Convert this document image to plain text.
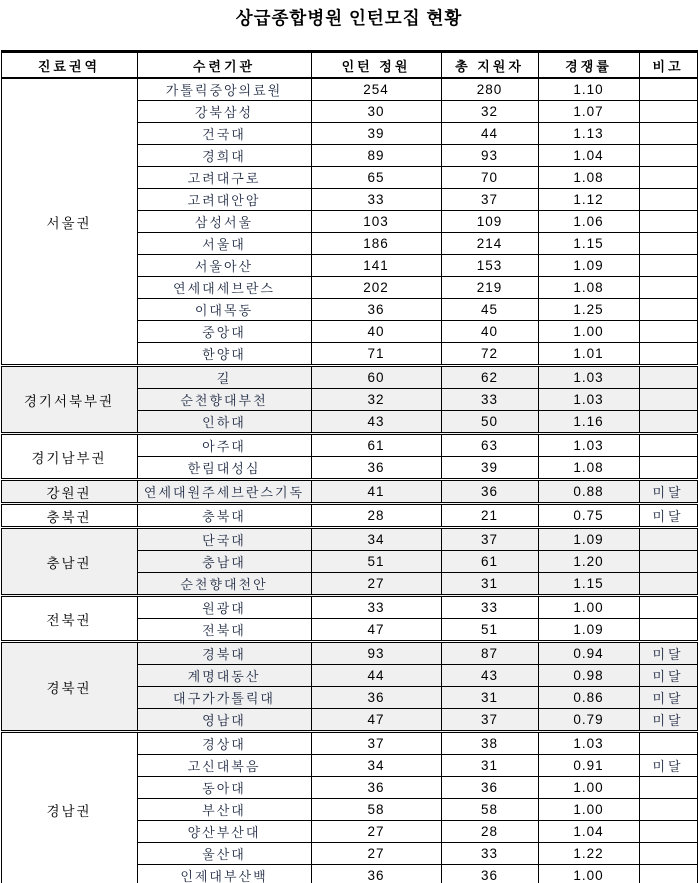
상급종합병원 인턴모집 현황
진료권역	수련기관	인턴 정원	총 지원자	경쟁률	비고
서울권	가톨릭중앙의료원	254	280	1.10	
	강북삼성	30	32	1.07	
	건국대	39	44	1.13	
	경희대	89	93	1.04	
	고려대구로	65	70	1.08	
	고려대안암	33	37	1.12	
	삼성서울	103	109	1.06	
	서울대	186	214	1.15	
	서울아산	141	153	1.09	
	연세대세브란스	202	219	1.08	
	이대목동	36	45	1.25	
	중앙대	40	40	1.00	
	한양대	71	72	1.01	
경기서북부권	길	60	62	1.03	
	순천향대부천	32	33	1.03	
	인하대	43	50	1.16	
경기남부권	아주대	61	63	1.03	
	한림대성심	36	39	1.08	
강원권	연세대원주세브란스기독	41	36	0.88	미달
충북권	충북대	28	21	0.75	미달
충남권	단국대	34	37	1.09	
	충남대	51	61	1.20	
	순천향대천안	27	31	1.15	
전북권	원광대	33	33	1.00	
	전북대	47	51	1.09	
경북권	경북대	93	87	0.94	미달
	계명대동산	44	43	0.98	미달
	대구가가톨릭대	36	31	0.86	미달
	영남대	47	37	0.79	미달
경남권	경상대	37	38	1.03	
	고신대복음	34	31	0.91	미달
	동아대	36	36	1.00	
	부산대	58	58	1.00	
	양산부산대	27	28	1.04	
	울산대	27	33	1.22	
	인제대부산백	36	36	1.00	
